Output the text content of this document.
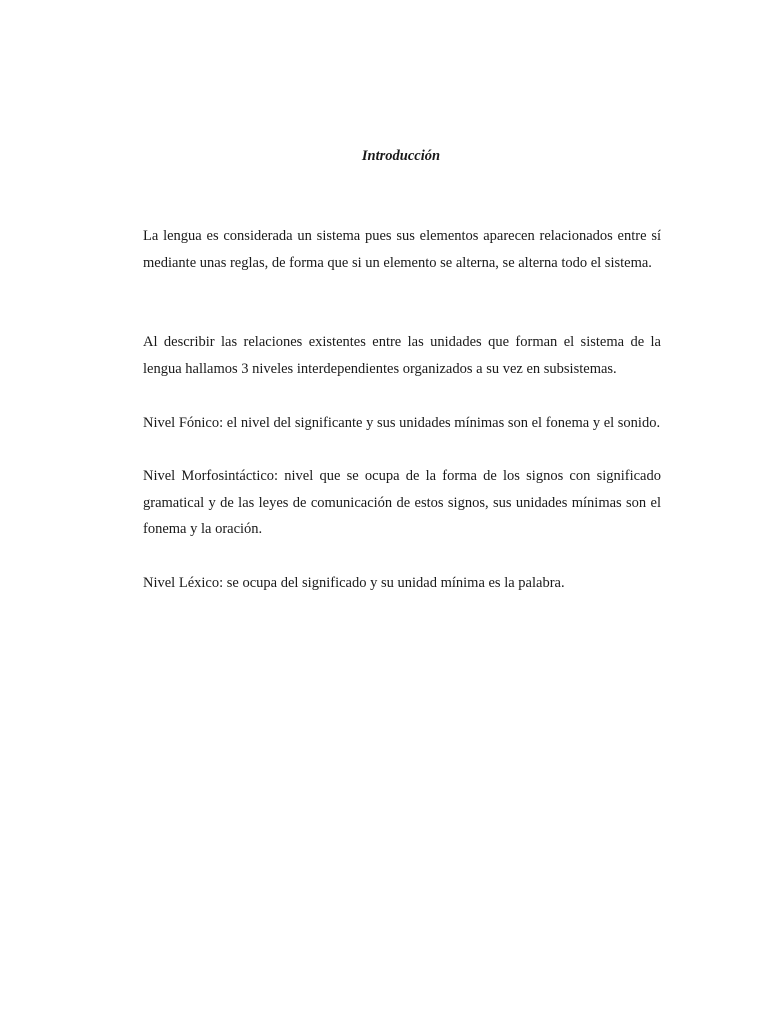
Introducción

La lengua es considerada un sistema pues sus elementos aparecen relacionados entre sí mediante unas reglas, de forma que si un elemento se alterna, se alterna todo el sistema.

Al describir las relaciones existentes entre las unidades que forman el sistema de la lengua hallamos 3 niveles interdependientes organizados a su vez en subsistemas.

Nivel Fónico: el nivel del significante y sus unidades mínimas son el fonema y el sonido.

Nivel Morfosintáctico: nivel que se ocupa de la forma de los signos con significado gramatical y de las leyes de comunicación de estos signos, sus unidades mínimas son el fonema y la oración.

Nivel Léxico: se ocupa del significado y su unidad mínima es la palabra.
